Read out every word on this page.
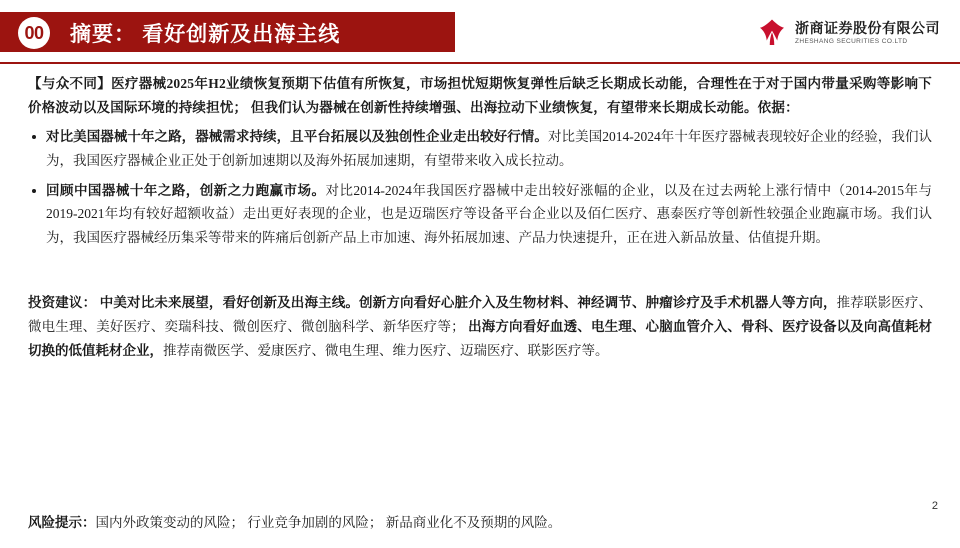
00	摘要： 看好创新及出海主线	浙商证券股份有限公司
ZHESHANG SECURITIES CO.LTD

【与众不同】医疗器械2025年H2业绩恢复预期下估值有所恢复，市场担忧短期恢复弹性后缺乏长期成长动能，合理性在于对于国内带量采购等影响下价格波动以及国际环境的持续担忧； 但我们认为器械在创新性持续增强、出海拉动下业绩恢复，有望带来长期成长动能。依据：

对比美国器械十年之路，器械需求持续，且平台拓展以及独创性企业走出较好行情。对比美国2014-2024年十年医疗器械表现较好企业的经验，我们认为，我国医疗器械企业正处于创新加速期以及海外拓展加速期，有望带来收入成长拉动。
回顾中国器械十年之路，创新之力跑赢市场。对比2014-2024年我国医疗器械中走出较好涨幅的企业，以及在过去两轮上涨行情中（2014-2015年与2019-2021年均有较好超额收益）走出更好表现的企业，也是迈瑞医疗等设备平台企业以及佰仁医疗、惠泰医疗等创新性较强企业跑赢市场。我们认为，我国医疗器械经历集采等带来的阵痛后创新产品上市加速、海外拓展加速、产品力快速提升，正在进入新品放量、估值提升期。

投资建议： 中美对比未来展望，看好创新及出海主线。创新方向看好心脏介入及生物材料、神经调节、肿瘤诊疗及手术机器人等方向，推荐联影医疗、微电生理、美好医疗、奕瑞科技、微创医疗、微创脑科学、新华医疗等； 出海方向看好血透、电生理、心脑血管介入、骨科、医疗设备以及向高值耗材切换的低值耗材企业，推荐南微医学、爱康医疗、微电生理、维力医疗、迈瑞医疗、联影医疗等。

风险提示：国内外政策变动的风险； 行业竞争加剧的风险； 新品商业化不及预期的风险。

2
